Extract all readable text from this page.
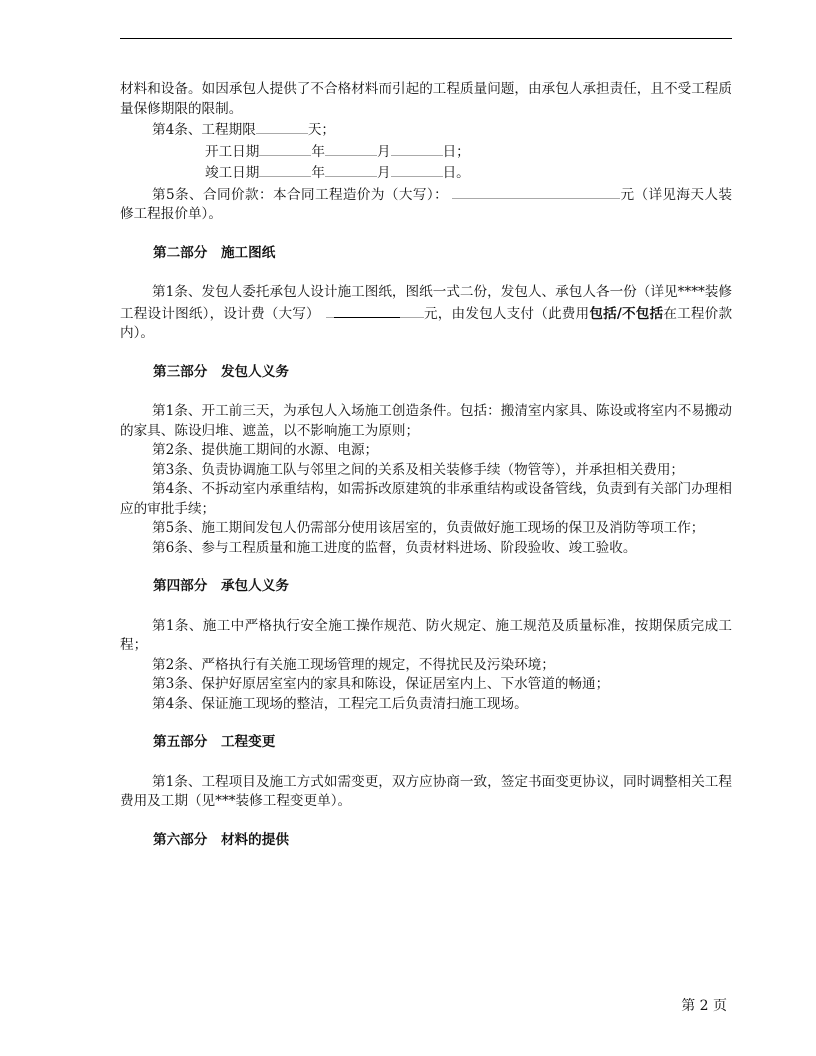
材料和设备。如因承包人提供了不合格材料而引起的工程质量问题，由承包人承担责任，且不受工程质量保修期限的限制。

第4条、工程期限	天；

开工日期	年	月	日；

竣工日期	年	月	日。

第5条、合同价款：本合同工程造价为（大写）：	元（详见海天人装修工程报价单）。

第二部分　施工图纸

第1条、发包人委托承包人设计施工图纸，图纸一式二份，发包人、承包人各一份（详见****装修工程设计图纸），设计费（大写）	元，由发包人支付（此费用包括/不包括在工程价款内）。

第三部分　发包人义务

第1条、开工前三天，为承包人入场施工创造条件。包括：搬清室内家具、陈设或将室内不易搬动的家具、陈设归堆、遮盖，以不影响施工为原则；

第2条、提供施工期间的水源、电源；

第3条、负责协调施工队与邻里之间的关系及相关装修手续（物管等），并承担相关费用；

第4条、不拆动室内承重结构，如需拆改原建筑的非承重结构或设备管线，负责到有关部门办理相应的审批手续；

第5条、施工期间发包人仍需部分使用该居室的，负责做好施工现场的保卫及消防等项工作；

第6条、参与工程质量和施工进度的监督，负责材料进场、阶段验收、竣工验收。

第四部分　承包人义务

第1条、施工中严格执行安全施工操作规范、防火规定、施工规范及质量标准，按期保质完成工程；

第2条、严格执行有关施工现场管理的规定，不得扰民及污染环境；

第3条、保护好原居室室内的家具和陈设，保证居室内上、下水管道的畅通；

第4条、保证施工现场的整洁，工程完工后负责清扫施工现场。

第五部分　工程变更

第1条、工程项目及施工方式如需变更，双方应协商一致，签定书面变更协议，同时调整相关工程费用及工期（见***装修工程变更单）。

第六部分　材料的提供

第 2 页
